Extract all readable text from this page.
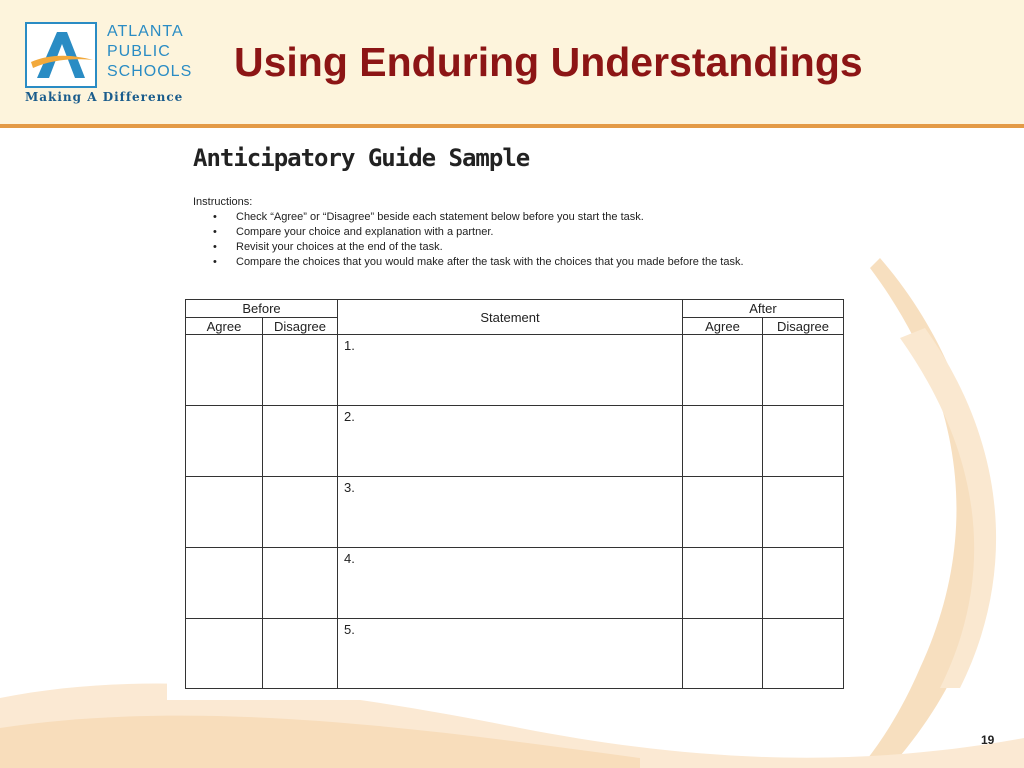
ATLANTA
PUBLIC
SCHOOLS
Making A Difference
Using Enduring Understandings
Anticipatory Guide Sample
Instructions:
• Check “Agree” or “Disagree” beside each statement below before you start the task.
• Compare your choice and explanation with a partner.
• Revisit your choices at the end of the task.
• Compare the choices that you would make after the task with the choices that you made before the task.
Before		Statement	After	
Agree	Disagree		Agree	Disagree
		1.		
		2.		
		3.		
		4.		
		5.		
19
